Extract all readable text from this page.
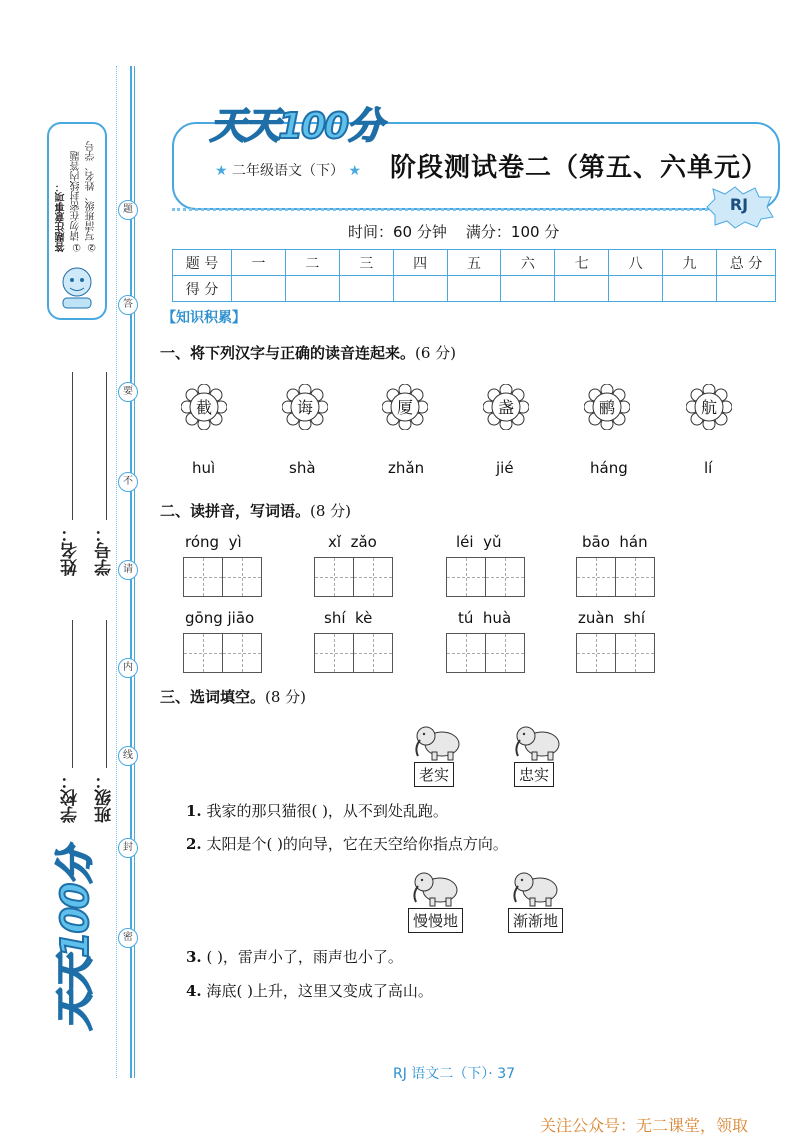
题
答
要
不
请
内
线
封
密
答题注意事项： ①请勿在密封线内答题 ②写清班级、姓名、学号
姓名： 学号：
学校： 班级：
天天100分
天天100分
★ 二年级语文（下） ★ 阶段测试卷二（第五、六单元）
RJ
时间：60 分钟    满分：100 分
题 号	一	二	三	四	五	六	七	八	九	总 分
得 分										
【知识积累】
一、将下列汉字与正确的读音连起来。(6 分)
截	诲	厦	盏	鹂	航
huì	shà	zhǎn	jié	háng	lí
二、读拼音，写词语。(8 分)
róng  yì	xǐ  zǎo	léi  yǔ	bāo  hán
gōng jiāo	shí  kè	tú  huà	zuàn  shí
三、选词填空。(8 分)
老实	忠实
1. 我家的那只猫很( )，从不到处乱跑。
2. 太阳是个( )的向导，它在天空给你指点方向。
慢慢地	渐渐地
3. ( )，雷声小了，雨声也小了。
4. 海底( )上升，这里又变成了高山。
RJ 语文二（下）· 37
关注公众号：无二课堂，领取
